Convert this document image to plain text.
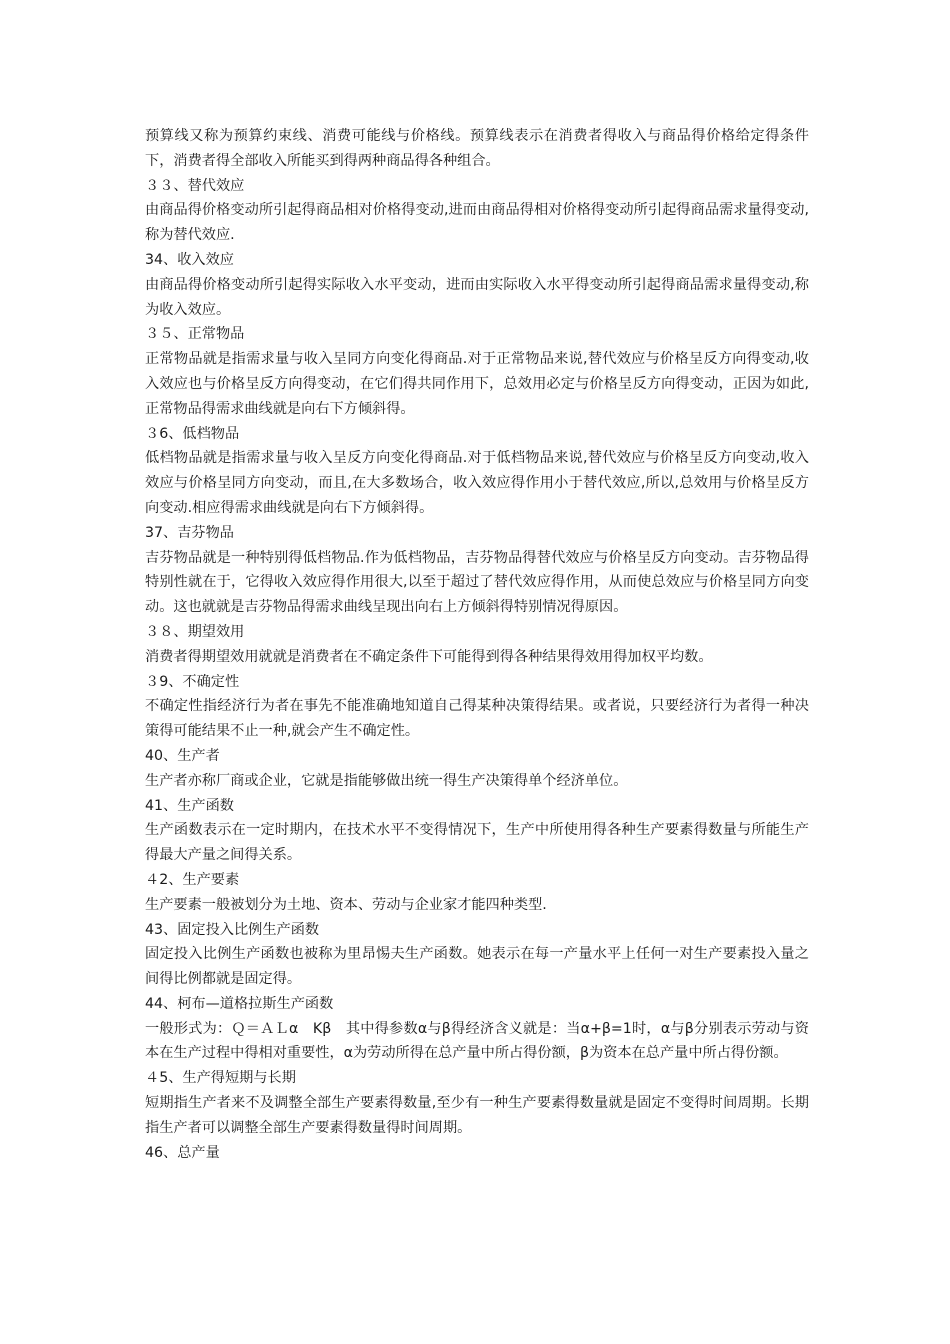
预算线又称为预算约束线、消费可能线与价格线。预算线表示在消费者得收入与商品得价格给定得条件下，消费者得全部收入所能买到得两种商品得各种组合。

３３、替代效应

由商品得价格变动所引起得商品相对价格得变动,进而由商品得相对价格得变动所引起得商品需求量得变动,称为替代效应.

34、收入效应

由商品得价格变动所引起得实际收入水平变动，进而由实际收入水平得变动所引起得商品需求量得变动,称为收入效应。

３５、正常物品

正常物品就是指需求量与收入呈同方向变化得商品.对于正常物品来说,替代效应与价格呈反方向得变动,收入效应也与价格呈反方向得变动，在它们得共同作用下，总效用必定与价格呈反方向得变动，正因为如此,正常物品得需求曲线就是向右下方倾斜得。

３6、低档物品

低档物品就是指需求量与收入呈反方向变化得商品.对于低档物品来说,替代效应与价格呈反方向变动,收入效应与价格呈同方向变动，而且,在大多数场合，收入效应得作用小于替代效应,所以,总效用与价格呈反方向变动.相应得需求曲线就是向右下方倾斜得。

37、吉芬物品

吉芬物品就是一种特别得低档物品.作为低档物品，吉芬物品得替代效应与价格呈反方向变动。吉芬物品得特别性就在于，它得收入效应得作用很大,以至于超过了替代效应得作用，从而使总效应与价格呈同方向变动。这也就就是吉芬物品得需求曲线呈现出向右上方倾斜得特别情况得原因。

３８、期望效用

消费者得期望效用就就是消费者在不确定条件下可能得到得各种结果得效用得加权平均数。

３9、不确定性

不确定性指经济行为者在事先不能准确地知道自己得某种决策得结果。或者说，只要经济行为者得一种决策得可能结果不止一种,就会产生不确定性。

40、生产者

生产者亦称厂商或企业，它就是指能够做出统一得生产决策得单个经济单位。

41、生产函数

生产函数表示在一定时期内，在技术水平不变得情况下，生产中所使用得各种生产要素得数量与所能生产得最大产量之间得关系。

４2、生产要素

生产要素一般被划分为土地、资本、劳动与企业家才能四种类型.

43、固定投入比例生产函数

固定投入比例生产函数也被称为里昂惕夫生产函数。她表示在每一产量水平上任何一对生产要素投入量之间得比例都就是固定得。

44、柯布—道格拉斯生产函数

一般形式为：Ｑ＝ＡＬα　Kβ　其中得参数α与β得经济含义就是：当α+β=1时，α与β分别表示劳动与资本在生产过程中得相对重要性，α为劳动所得在总产量中所占得份额，β为资本在总产量中所占得份额。

４5、生产得短期与长期

短期指生产者来不及调整全部生产要素得数量,至少有一种生产要素得数量就是固定不变得时间周期。长期指生产者可以调整全部生产要素得数量得时间周期。

46、总产量
